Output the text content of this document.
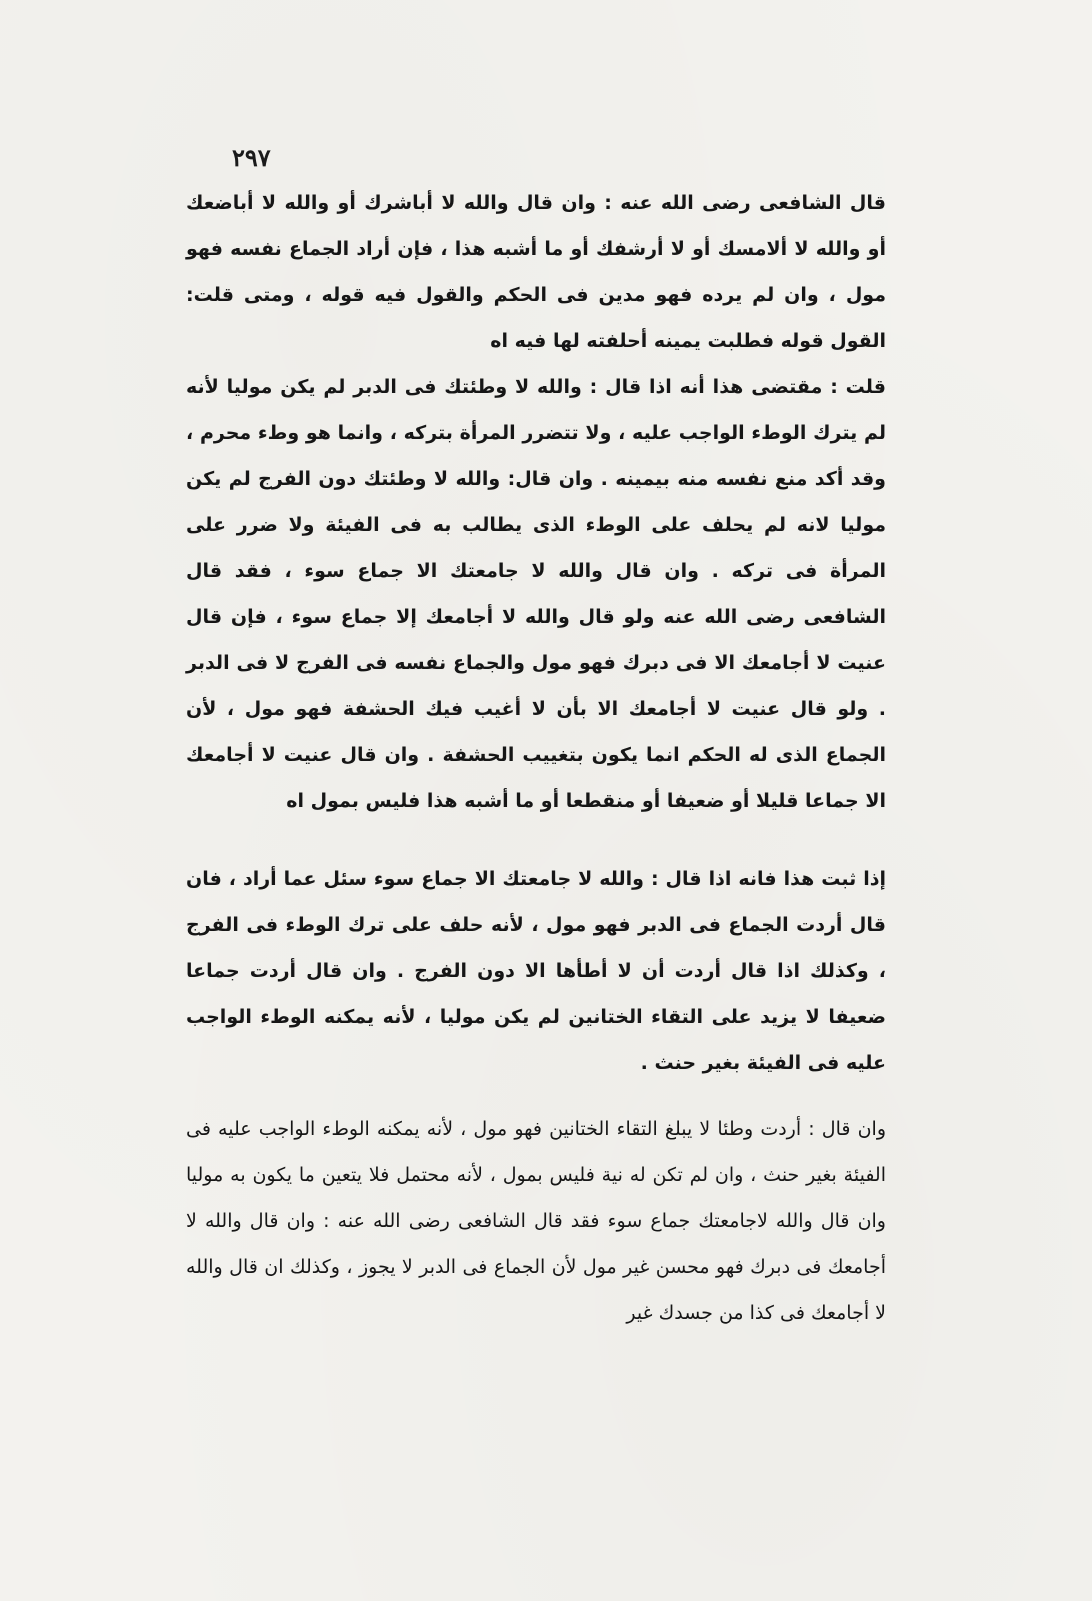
٢٩٧

قال الشافعى رضى الله عنه : وان قال والله لا أباشرك أو والله لا أباضعك أو والله لا ألامسك أو لا أرشفك أو ما أشبه هذا ، فإن أراد الجماع نفسه فهو مول ، وان لم يرده فهو مدين فى الحكم والقول فيه قوله ، ومتى قلت: القول قوله فطلبت يمينه أحلفته لها فيه اه

قلت : مقتضى هذا أنه اذا قال : والله لا وطئتك فى الدبر لم يكن موليا لأنه لم يترك الوطء الواجب عليه ، ولا تتضرر المرأة بتركه ، وانما هو وطء محرم ، وقد أكد منع نفسه منه بيمينه . وان قال: والله لا وطئتك دون الفرج لم يكن موليا لانه لم يحلف على الوطء الذى يطالب به فى الفيئة ولا ضرر على المرأة فى تركه . وان قال والله لا جامعتك الا جماع سوء ، فقد قال الشافعى رضى الله عنه ولو قال والله لا أجامعك إلا جماع سوء ، فإن قال عنيت لا أجامعك الا فى دبرك فهو مول والجماع نفسه فى الفرج لا فى الدبر . ولو قال عنيت لا أجامعك الا بأن لا أغيب فيك الحشفة فهو مول ، لأن الجماع الذى له الحكم انما يكون بتغييب الحشفة . وان قال عنيت لا أجامعك الا جماعا قليلا أو ضعيفا أو منقطعا أو ما أشبه هذا فليس بمول اه

إذا ثبت هذا فانه اذا قال : والله لا جامعتك الا جماع سوء سئل عما أراد ، فان قال أردت الجماع فى الدبر فهو مول ، لأنه حلف على ترك الوطء فى الفرج ، وكذلك اذا قال أردت أن لا أطأها الا دون الفرج . وان قال أردت جماعا ضعيفا لا يزيد على التقاء الختانين لم يكن موليا ، لأنه يمكنه الوطء الواجب عليه فى الفيئة بغير حنث .

وان قال : أردت وطئا لا يبلغ التقاء الختانين فهو مول ، لأنه يمكنه الوطء الواجب عليه فى الفيئة بغير حنث ، وان لم تكن له نية فليس بمول ، لأنه محتمل فلا يتعين ما يكون به موليا وان قال والله لاجامعتك جماع سوء فقد قال الشافعى رضى الله عنه : وان قال والله لا أجامعك فى دبرك فهو محسن غير مول لأن الجماع فى الدبر لا يجوز ، وكذلك ان قال والله لا أجامعك فى كذا من جسدك غير
